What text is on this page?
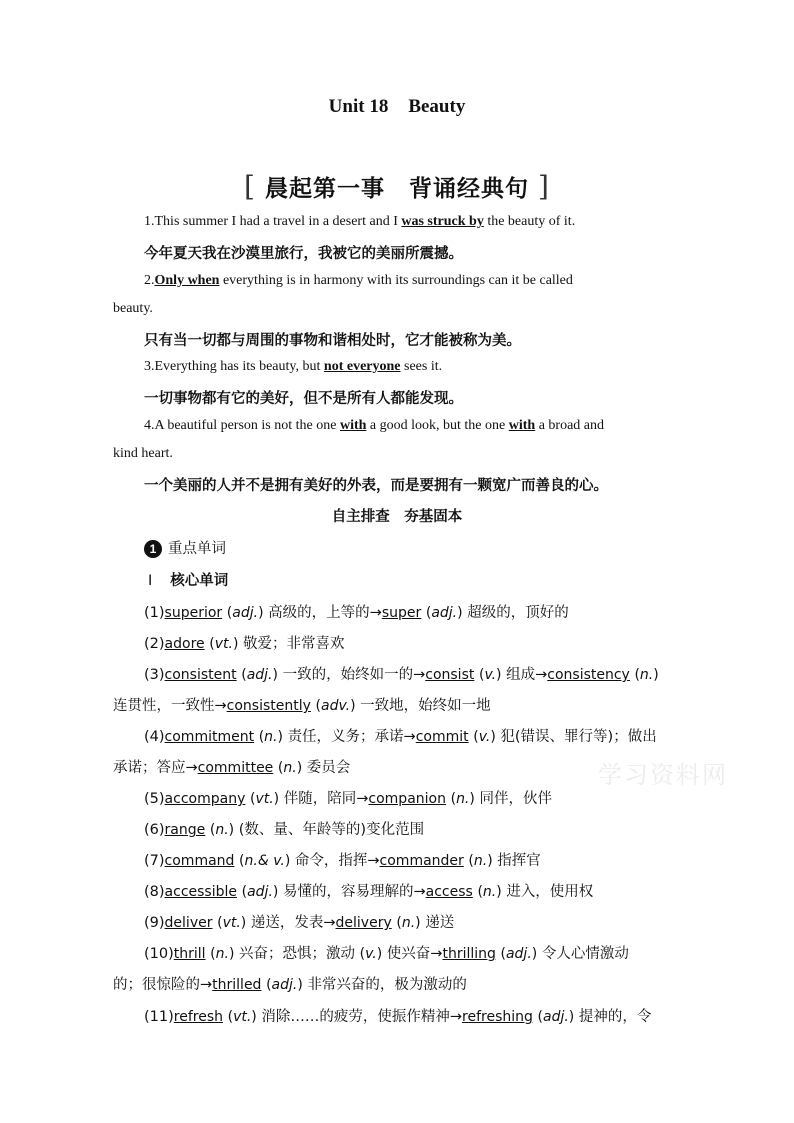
Unit 18 Beauty
[ 晨起第一事　背诵经典句 ]
1.This summer I had a travel in a desert and I was struck by the beauty of it.
今年夏天我在沙漠里旅行，我被它的美丽所震撼。
2.Only when everything is in harmony with its surroundings can it be called
beauty.
只有当一切都与周围的事物和谐相处时，它才能被称为美。
3.Everything has its beauty, but not everyone sees it.
一切事物都有它的美好，但不是所有人都能发现。
4.A beautiful person is not the one with a good look, but the one with a broad and
kind heart.
一个美丽的人并不是拥有美好的外表，而是要拥有一颗宽广而善良的心。
自主排查　夯基固本
1 重点单词
Ⅰ 核心单词
(1)superior (adj.) 高级的，上等的→super (adj.) 超级的，顶好的
(2)adore (vt.) 敬爱；非常喜欢
(3)consistent (adj.) 一致的，始终如一的→consist (v.) 组成→consistency (n.)
连贯性，一致性→consistently (adv.) 一致地，始终如一地
(4)commitment (n.) 责任，义务；承诺→commit (v.) 犯(错误、罪行等)；做出
承诺；答应→committee (n.) 委员会	学习资料网
(5)accompany (vt.) 伴随，陪同→companion (n.) 同伴，伙伴
(6)range (n.) (数、量、年龄等的)变化范围
(7)command (n.& v.) 命令，指挥→commander (n.) 指挥官
(8)accessible (adj.) 易懂的，容易理解的→access (n.) 进入，使用权
(9)deliver (vt.) 递送，发表→delivery (n.) 递送
(10)thrill (n.) 兴奋；恐惧；激动 (v.) 使兴奋→thrilling (adj.) 令人心情激动
的；很惊险的→thrilled (adj.) 非常兴奋的，极为激动的
(11)refresh (vt.) 消除……的疲劳，使振作精神→refreshing (adj.) 提神的，令
